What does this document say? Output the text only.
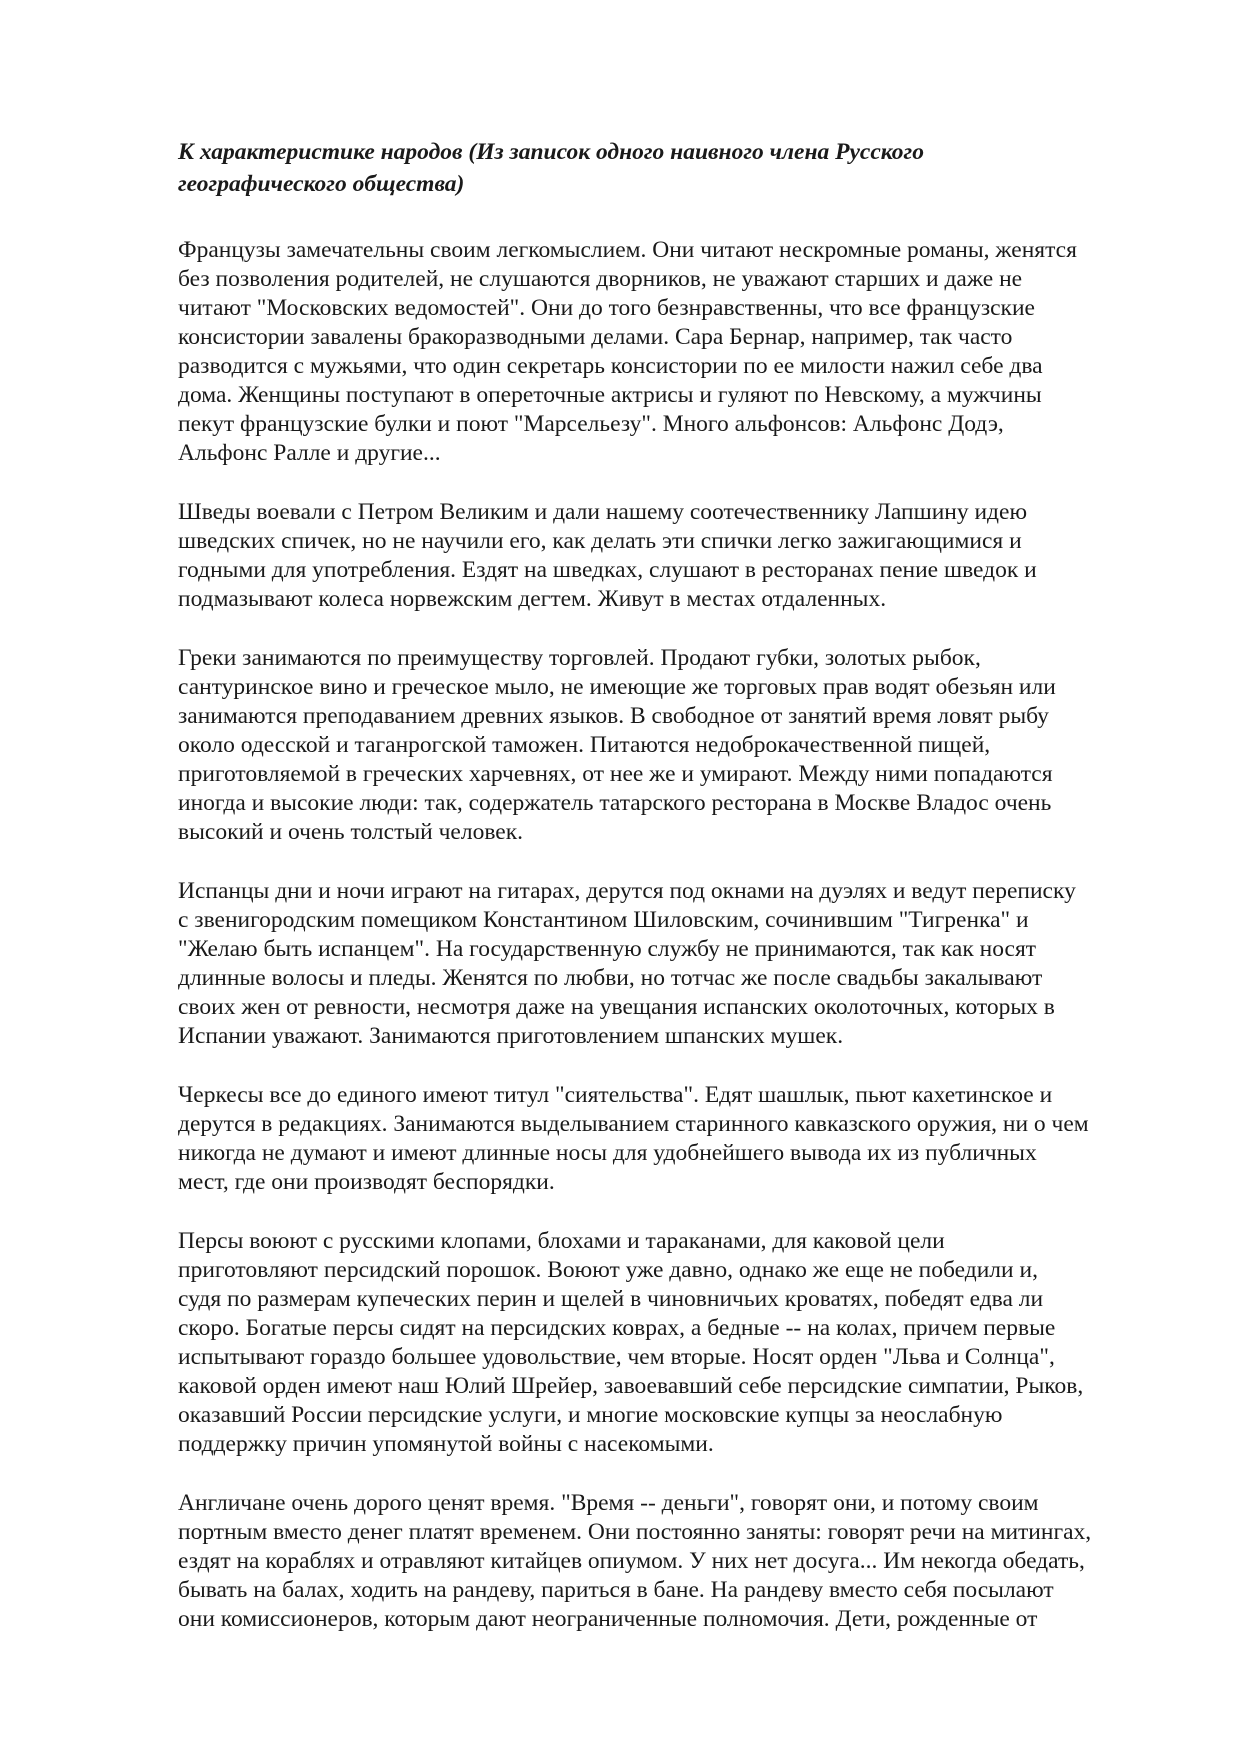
К характеристике народов (Из записок одного наивного члена Русского
географического общества)

Французы замечательны своим легкомыслием. Они читают нескромные романы, женятся
без позволения родителей, не слушаются дворников, не уважают старших и даже не
читают "Московских ведомостей". Они до того безнравственны, что все французские
консистории завалены бракоразводными делами. Сара Бернар, например, так часто
разводится с мужьями, что один секретарь консистории по ее милости нажил себе два
дома. Женщины поступают в опереточные актрисы и гуляют по Невскому, а мужчины
пекут французские булки и поют "Марсельезу". Много альфонсов: Альфонс Додэ,
Альфонс Ралле и другие...

Шведы воевали с Петром Великим и дали нашему соотечественнику Лапшину идею
шведских спичек, но не научили его, как делать эти спички легко зажигающимися и
годными для употребления. Ездят на шведках, слушают в ресторанах пение шведок и
подмазывают колеса норвежским дегтем. Живут в местах отдаленных.

Греки занимаются по преимуществу торговлей. Продают губки, золотых рыбок,
сантуринское вино и греческое мыло, не имеющие же торговых прав водят обезьян или
занимаются преподаванием древних языков. В свободное от занятий время ловят рыбу
около одесской и таганрогской таможен. Питаются недоброкачественной пищей,
приготовляемой в греческих харчевнях, от нее же и умирают. Между ними попадаются
иногда и высокие люди: так, содержатель татарского ресторана в Москве Владос очень
высокий и очень толстый человек.

Испанцы дни и ночи играют на гитарах, дерутся под окнами на дуэлях и ведут переписку
с звенигородским помещиком Константином Шиловским, сочинившим "Тигренка" и
"Желаю быть испанцем". На государственную службу не принимаются, так как носят
длинные волосы и пледы. Женятся по любви, но тотчас же после свадьбы закалывают
своих жен от ревности, несмотря даже на увещания испанских околоточных, которых в
Испании уважают. Занимаются приготовлением шпанских мушек.

Черкесы все до единого имеют титул "сиятельства". Едят шашлык, пьют кахетинское и
дерутся в редакциях. Занимаются выделыванием старинного кавказского оружия, ни о чем
никогда не думают и имеют длинные носы для удобнейшего вывода их из публичных
мест, где они производят беспорядки.

Персы воюют с русскими клопами, блохами и тараканами, для каковой цели
приготовляют персидский порошок. Воюют уже давно, однако же еще не победили и,
судя по размерам купеческих перин и щелей в чиновничьих кроватях, победят едва ли
скоро. Богатые персы сидят на персидских коврах, а бедные -- на колах, причем первые
испытывают гораздо большее удовольствие, чем вторые. Носят орден "Льва и Солнца",
каковой орден имеют наш Юлий Шрейер, завоевавший себе персидские симпатии, Рыков,
оказавший России персидские услуги, и многие московские купцы за неослабную
поддержку причин упомянутой войны с насекомыми.

Англичане очень дорого ценят время. "Время -- деньги", говорят они, и потому своим
портным вместо денег платят временем. Они постоянно заняты: говорят речи на митингах,
ездят на кораблях и отравляют китайцев опиумом. У них нет досуга... Им некогда обедать,
бывать на балах, ходить на рандеву, париться в бане. На рандеву вместо себя посылают
они комиссионеров, которым дают неограниченные полномочия. Дети, рожденные от
